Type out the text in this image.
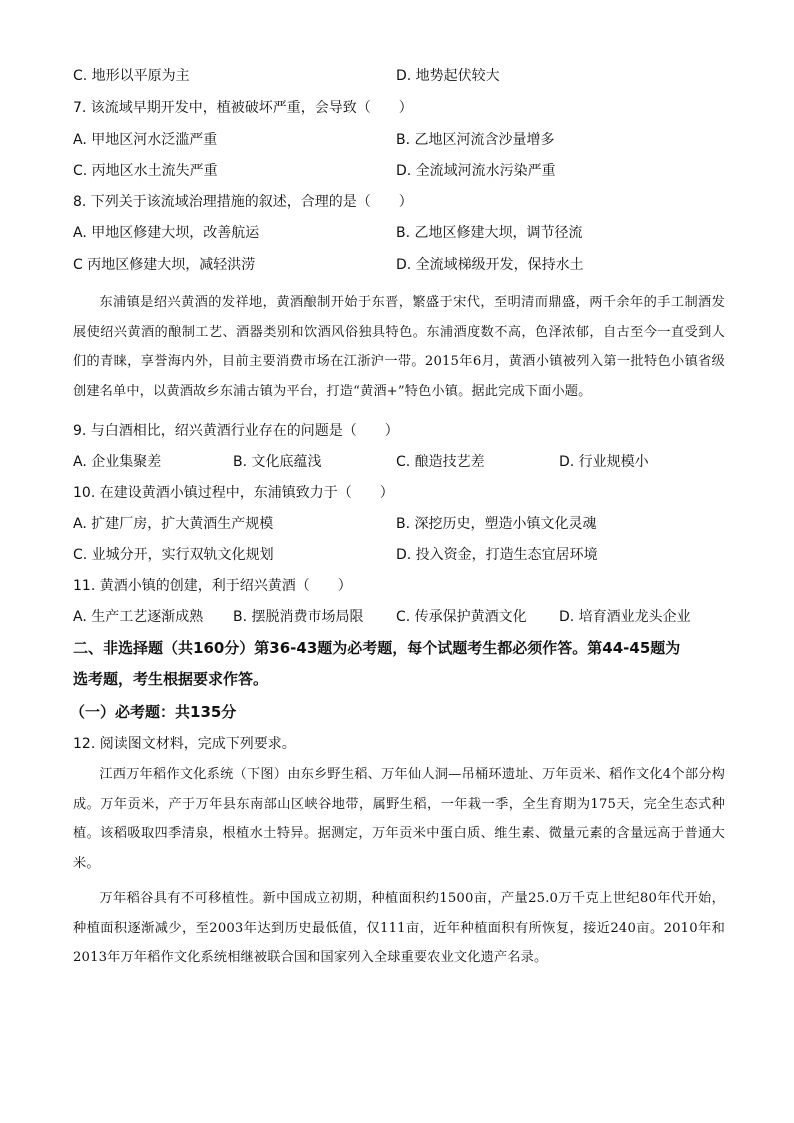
C. 地形以平原为主	D. 地势起伏较大
7. 该流域早期开发中，植被破坏严重，会导致（　　）
A. 甲地区河水泛滥严重	B. 乙地区河流含沙量增多
C. 丙地区水土流失严重	D. 全流域河流水污染严重
8. 下列关于该流域治理措施的叙述，合理的是（　　）
A. 甲地区修建大坝，改善航运	B. 乙地区修建大坝，调节径流
C 丙地区修建大坝，减轻洪涝	D. 全流域梯级开发，保持水土
东浦镇是绍兴黄酒的发祥地，黄酒酿制开始于东晋，繁盛于宋代，至明清而鼎盛，两千余年的手工制酒发展使绍兴黄酒的酿制工艺、酒器类别和饮酒风俗独具特色。东浦酒度数不高，色泽浓郁，自古至今一直受到人们的青睐，享誉海内外，目前主要消费市场在江浙沪一带。2015年6月，黄酒小镇被列入第一批特色小镇省级创建名单中，以黄酒故乡东浦古镇为平台，打造“黄酒+”特色小镇。据此完成下面小题。
9. 与白酒相比，绍兴黄酒行业存在的问题是（　　）
A. 企业集聚差	B. 文化底蕴浅	C. 酿造技艺差	D. 行业规模小
10. 在建设黄酒小镇过程中，东浦镇致力于（　　）
A. 扩建厂房，扩大黄酒生产规模	B. 深挖历史，塑造小镇文化灵魂
C. 业城分开，实行双轨文化规划	D. 投入资金，打造生态宜居环境
11. 黄酒小镇的创建，利于绍兴黄酒（　　）
A. 生产工艺逐渐成熟 B. 摆脱消费市场局限 C. 传承保护黄酒文化 D. 培育酒业龙头企业
二、非选择题（共160分）第36-43题为必考题，每个试题考生都必须作答。第44-45题为
选考题，考生根据要求作答。
（一）必考题：共135分
12. 阅读图文材料，完成下列要求。
江西万年稻作文化系统（下图）由东乡野生稻、万年仙人洞—吊桶环遗址、万年贡米、稻作文化4个部分构成。万年贡米，产于万年县东南部山区峡谷地带，属野生稻，一年栽一季，全生育期为175天，完全生态式种植。该稻吸取四季清泉，根植水土特异。据测定，万年贡米中蛋白质、维生素、微量元素的含量远高于普通大米。
万年稻谷具有不可移植性。新中国成立初期，种植面积约1500亩，产量25.0万千克上世纪80年代开始，种植面积逐渐减少，至2003年达到历史最低值，仅111亩，近年种植面积有所恢复，接近240亩。2010年和2013年万年稻作文化系统相继被联合国和国家列入全球重要农业文化遗产名录。
